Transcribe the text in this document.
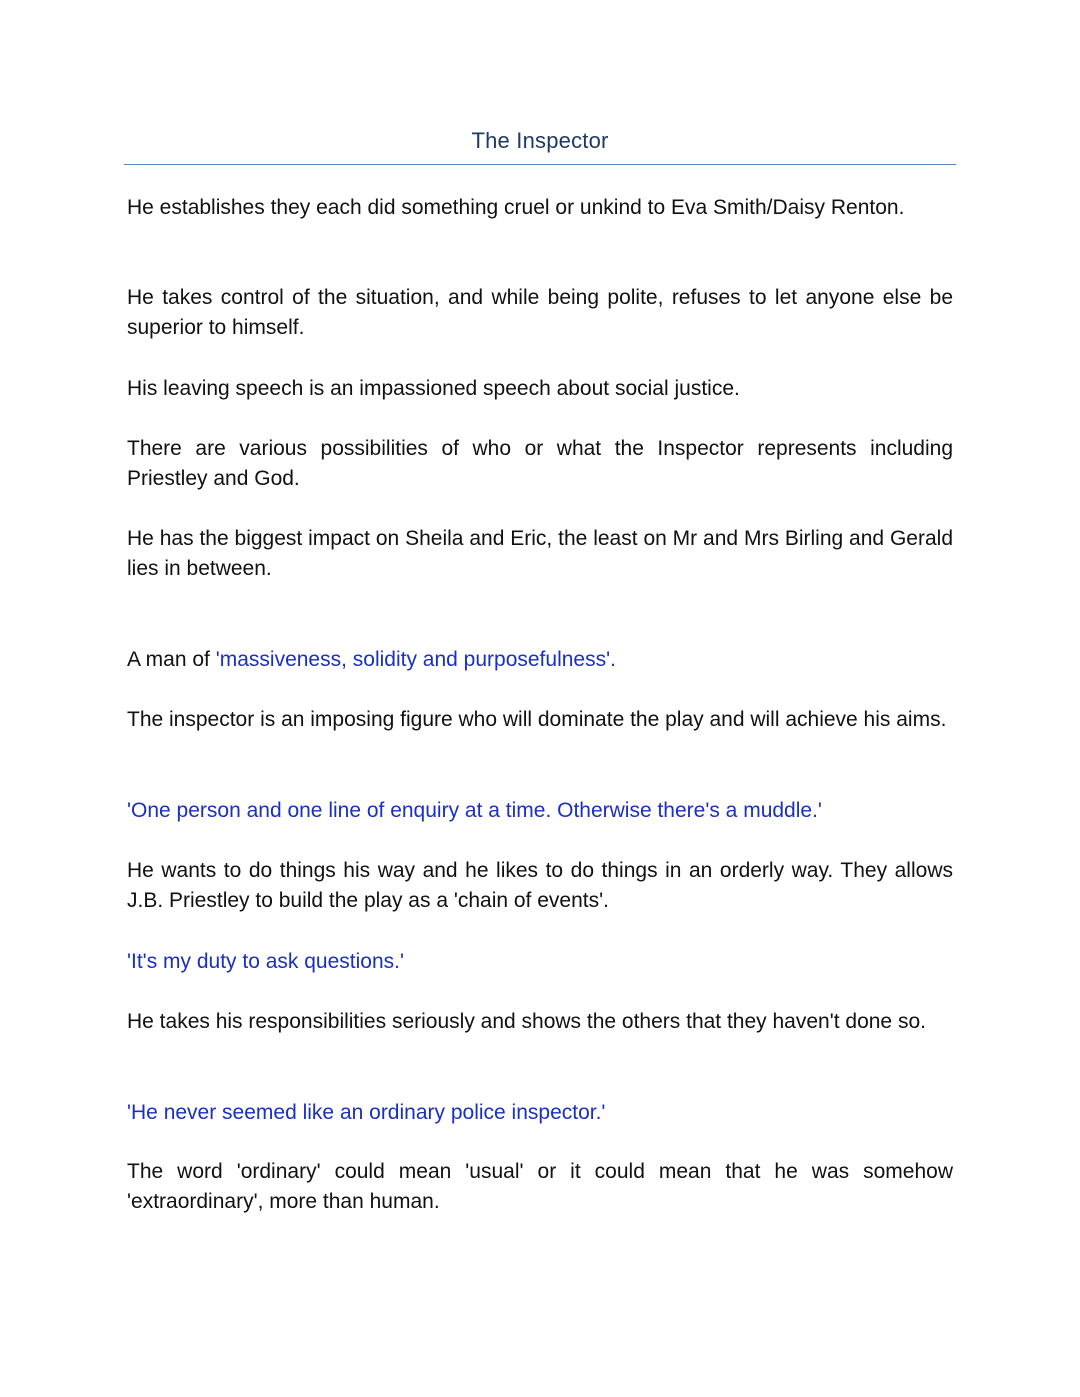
The Inspector

He establishes they each did something cruel or unkind to Eva Smith/Daisy Renton.

He takes control of the situation, and while being polite, refuses to let anyone else be superior to himself.

His leaving speech is an impassioned speech about social justice.

There are various possibilities of who or what the Inspector represents including Priestley and God.

He has the biggest impact on Sheila and Eric, the least on Mr and Mrs Birling and Gerald lies in between.

A man of 'massiveness, solidity and purposefulness'.

The inspector is an imposing figure who will dominate the play and will achieve his aims.

'One person and one line of enquiry at a time. Otherwise there's a muddle.'

He wants to do things his way and he likes to do things in an orderly way. They allows J.B. Priestley to build the play as a 'chain of events'.

'It's my duty to ask questions.'

He takes his responsibilities seriously and shows the others that they haven't done so.

'He never seemed like an ordinary police inspector.'

The word 'ordinary' could mean 'usual' or it could mean that he was somehow 'extraordinary', more than human.
